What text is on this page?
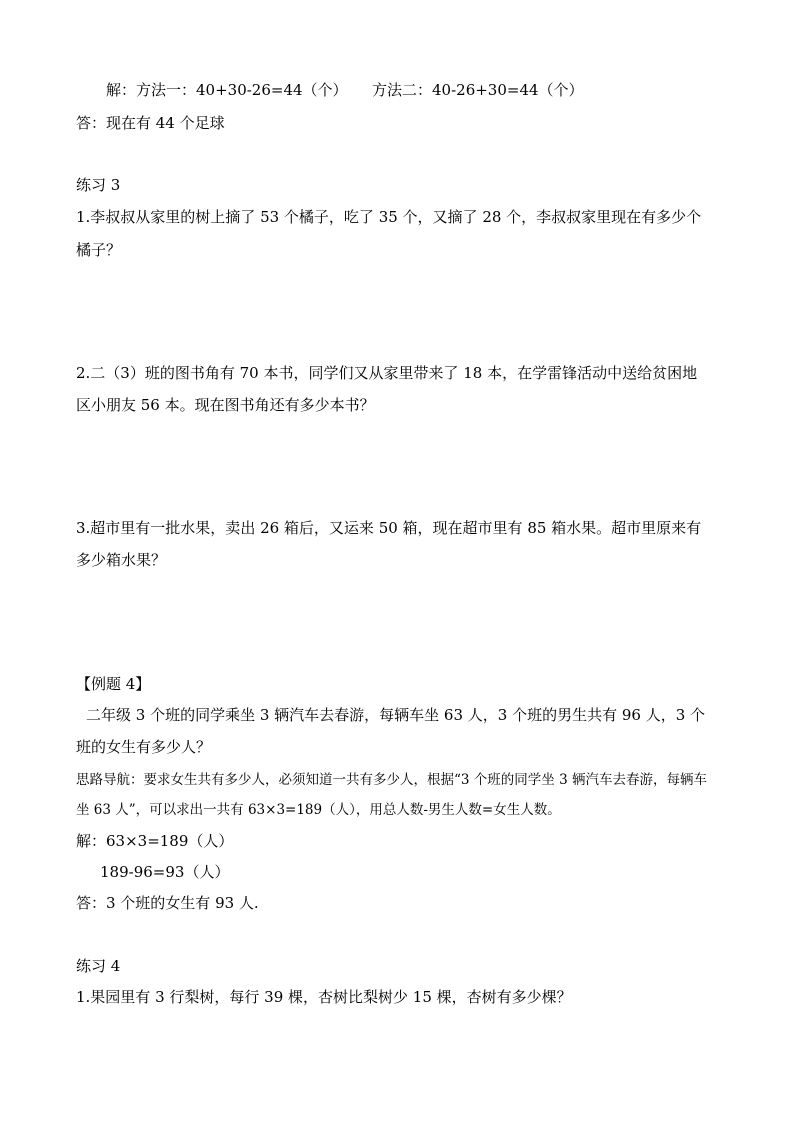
解：方法一：40+30-26=44（个） 方法二：40-26+30=44（个）
答：现在有 44 个足球
练习 3
1.李叔叔从家里的树上摘了 53 个橘子，吃了 35 个，又摘了 28 个，李叔叔家里现在有多少个
橘子？
2.二（3）班的图书角有 70 本书，同学们又从家里带来了 18 本，在学雷锋活动中送给贫困地
区小朋友 56 本。现在图书角还有多少本书？
3.超市里有一批水果，卖出 26 箱后，又运来 50 箱，现在超市里有 85 箱水果。超市里原来有
多少箱水果？
【例题 4】
二年级 3 个班的同学乘坐 3 辆汽车去春游，每辆车坐 63 人，3 个班的男生共有 96 人，3 个
班的女生有多少人？
思路导航：要求女生共有多少人，必须知道一共有多少人，根据“3 个班的同学坐 3 辆汽车去春游，每辆车
坐 63 人”，可以求出一共有 63×3=189（人），用总人数-男生人数=女生人数。
解：63×3=189（人）
189-96=93（人）
答：3 个班的女生有 93 人.
练习 4
1.果园里有 3 行梨树，每行 39 棵，杏树比梨树少 15 棵，杏树有多少棵？
